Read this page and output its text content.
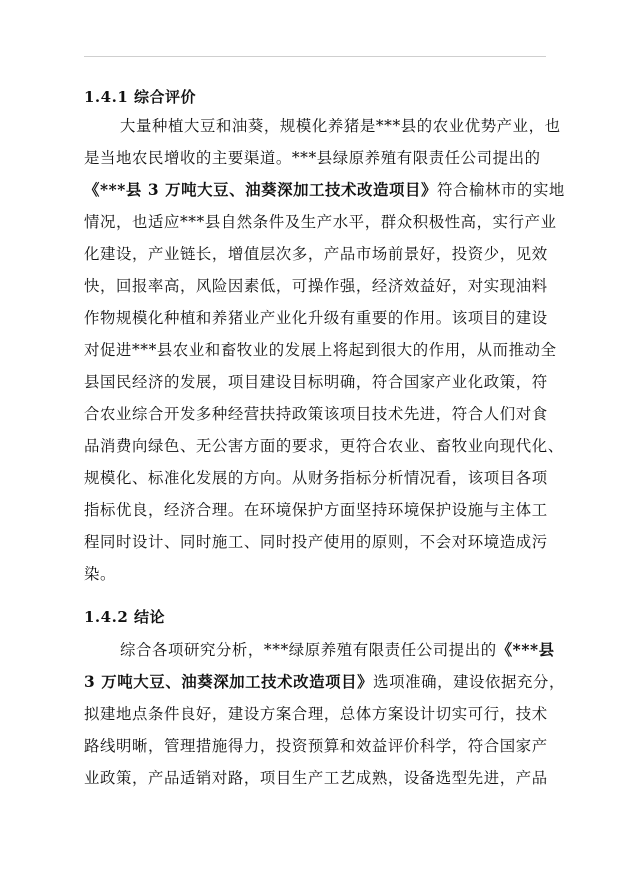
1.4.1 综合评价
大量种植大豆和油葵，规模化养猪是***县的农业优势产业，也
是当地农民增收的主要渠道。***县绿原养殖有限责任公司提出的
《***县 3 万吨大豆、油葵深加工技术改造项目》符合榆林市的实地
情况，也适应***县自然条件及生产水平，群众积极性高，实行产业
化建设，产业链长，增值层次多，产品市场前景好，投资少，见效
快，回报率高，风险因素低，可操作强，经济效益好，对实现油料
作物规模化种植和养猪业产业化升级有重要的作用。该项目的建设
对促进***县农业和畜牧业的发展上将起到很大的作用，从而推动全
县国民经济的发展，项目建设目标明确，符合国家产业化政策，符
合农业综合开发多种经营扶持政策该项目技术先进，符合人们对食
品消费向绿色、无公害方面的要求，更符合农业、畜牧业向现代化、
规模化、标准化发展的方向。从财务指标分析情况看，该项目各项
指标优良，经济合理。在环境保护方面坚持环境保护设施与主体工
程同时设计、同时施工、同时投产使用的原则，不会对环境造成污
染。
1.4.2 结论
综合各项研究分析，***绿原养殖有限责任公司提出的《***县
3 万吨大豆、油葵深加工技术改造项目》选项准确，建设依据充分，
拟建地点条件良好，建设方案合理，总体方案设计切实可行，技术
路线明晰，管理措施得力，投资预算和效益评价科学，符合国家产
业政策，产品适销对路，项目生产工艺成熟，设备选型先进，产品
